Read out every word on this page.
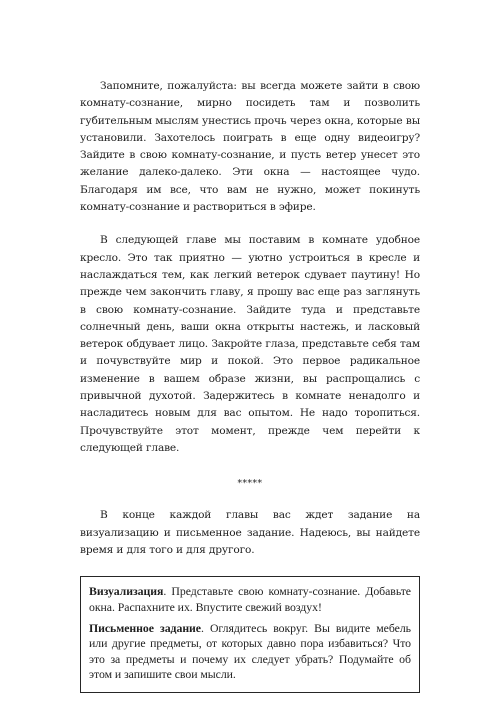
Запомните, пожалуйста: вы всегда можете зайти в свою комнату-сознание, мирно посидеть там и позволить губительным мыслям унестись прочь через окна, которые вы установили. Захотелось поиграть в еще одну видеоигру? Зайдите в свою комнату-сознание, и пусть ветер унесет это желание далеко-далеко. Эти окна — настоящее чудо. Благодаря им все, что вам не нужно, может покинуть комнату-сознание и раствориться в эфире.

В следующей главе мы поставим в комнате удобное кресло. Это так приятно — уютно устроиться в кресле и наслаждаться тем, как легкий ветерок сдувает паутину! Но прежде чем закончить главу, я прошу вас еще раз заглянуть в свою комнату-сознание. Зайдите туда и представьте солнечный день, ваши окна открыты настежь, и ласковый ветерок обдувает лицо. Закройте глаза, представьте себя там и почувствуйте мир и покой. Это первое радикальное изменение в вашем образе жизни, вы распрощались с привычной духотой. Задержитесь в комнате ненадолго и насладитесь новым для вас опытом. Не надо торопиться. Прочувствуйте этот момент, прежде чем перейти к следующей главе.

*****

В конце каждой главы вас ждет задание на визуализацию и письменное задание. Надеюсь, вы найдете время и для того и для другого.

Визуализация. Представьте свою комнату-сознание. Добавьте окна. Распахните их. Впустите свежий воздух!

Письменное задание. Оглядитесь вокруг. Вы видите мебель или другие предметы, от которых давно пора избавиться? Что это за предметы и почему их следует убрать? Подумайте об этом и запишите свои мысли.
